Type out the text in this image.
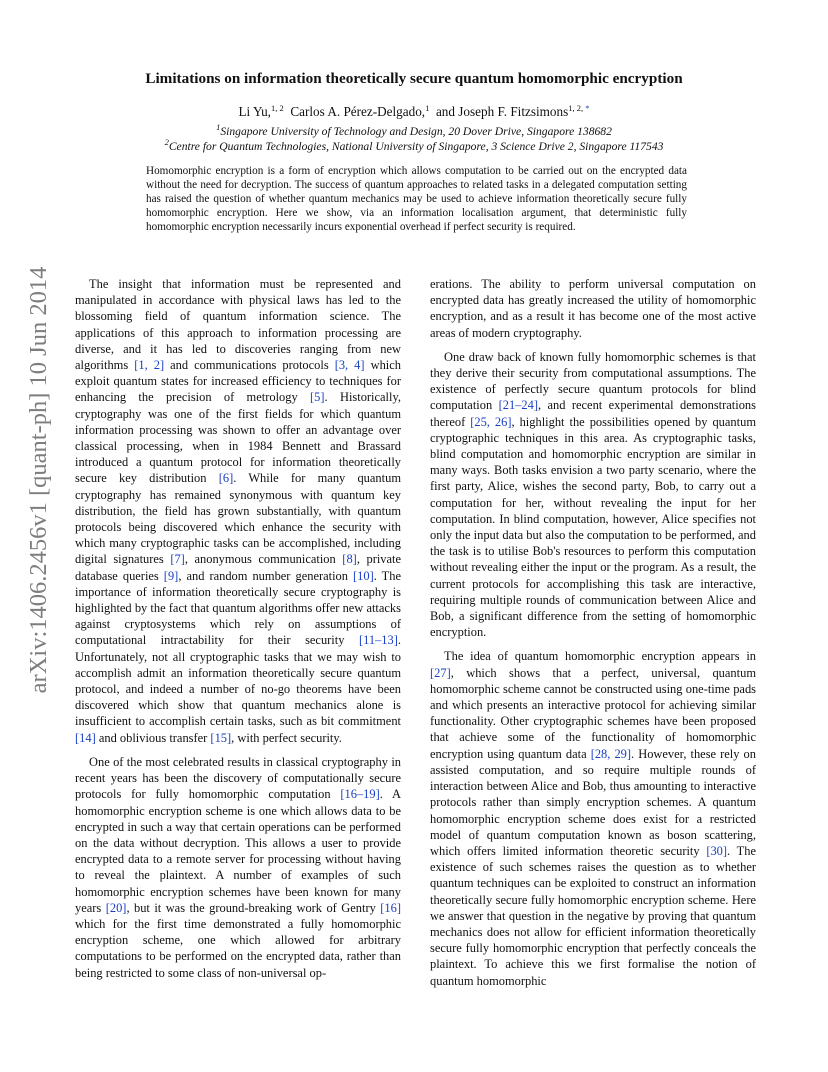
Limitations on information theoretically secure quantum homomorphic encryption
Li Yu,$^{1, 2}$ Carlos A. Pérez-Delgado,$^1$ and Joseph F. Fitzsimons$^{1, 2, *}$
$^1$Singapore University of Technology and Design, 20 Dover Drive, Singapore 138682
$^2$Centre for Quantum Technologies, National University of Singapore, 3 Science Drive 2, Singapore 117543
Homomorphic encryption is a form of encryption which allows computation to be carried out on the encrypted data without the need for decryption. The success of quantum approaches to related tasks in a delegated computation setting has raised the question of whether quantum mechanics may be used to achieve information theoretically secure fully homomorphic encryption. Here we show, via an information localisation argument, that deterministic fully homomorphic encryption necessarily incurs exponential overhead if perfect security is required.
arXiv:1406.2456v1 [quant-ph] 10 Jun 2014	The insight that information must be represented and manipulated in accordance with physical laws has led to the blossoming field of quantum information science. The applications of this approach to information processing are diverse, and it has led to discoveries ranging from new algorithms [1, 2] and communications protocols [3, 4] which exploit quantum states for increased efficiency to techniques for enhancing the precision of metrology [5]. Historically, cryptography was one of the first fields for which quantum information processing was shown to offer an advantage over classical processing, when in 1984 Bennett and Brassard introduced a quantum protocol for information theoretically secure key distribution [6]. While for many quantum cryptography has remained synonymous with quantum key distribution, the field has grown substantially, with quantum protocols being discovered which enhance the security with which many cryptographic tasks can be accomplished, including digital signatures [7], anonymous communication [8], private database queries [9], and random number generation [10]. The importance of information theoretically secure cryptography is highlighted by the fact that quantum algorithms offer new attacks against cryptosystems which rely on assumptions of computational intractability for their security [11–13]. Unfortunately, not all cryptographic tasks that we may wish to accomplish admit an information theoretically secure quantum protocol, and indeed a number of no-go theorems have been discovered which show that quantum mechanics alone is insufficient to accomplish certain tasks, such as bit commitment [14] and oblivious transfer [15], with perfect security.

One of the most celebrated results in classical cryptography in recent years has been the discovery of computationally secure protocols for fully homomorphic computation [16–19]. A homomorphic encryption scheme is one which allows data to be encrypted in such a way that certain operations can be performed on the data without decryption. This allows a user to provide encrypted data to a remote server for processing without having to reveal the plaintext. A number of examples of such homomorphic encryption schemes have been known for many years [20], but it was the ground-breaking work of Gentry [16] which for the first time demonstrated a fully homomorphic encryption scheme, one which allowed for arbitrary computations to be performed on the encrypted data, rather than being restricted to some class of non-universal op-

erations. The ability to perform universal computation on encrypted data has greatly increased the utility of homomorphic encryption, and as a result it has become one of the most active areas of modern cryptography.

One draw back of known fully homomorphic schemes is that they derive their security from computational assumptions. The existence of perfectly secure quantum protocols for blind computation [21–24], and recent experimental demonstrations thereof [25, 26], highlight the possibilities opened by quantum cryptographic techniques in this area. As cryptographic tasks, blind computation and homomorphic encryption are similar in many ways. Both tasks envision a two party scenario, where the first party, Alice, wishes the second party, Bob, to carry out a computation for her, without revealing the input for her computation. In blind computation, however, Alice specifies not only the input data but also the computation to be performed, and the task is to utilise Bob's resources to perform this computation without revealing either the input or the program. As a result, the current protocols for accomplishing this task are interactive, requiring multiple rounds of communication between Alice and Bob, a significant difference from the setting of homomorphic encryption.

The idea of quantum homomorphic encryption appears in [27], which shows that a perfect, universal, quantum homomorphic scheme cannot be constructed using one-time pads and which presents an interactive protocol for achieving similar functionality. Other cryptographic schemes have been proposed that achieve some of the functionality of homomorphic encryption using quantum data [28, 29]. However, these rely on assisted computation, and so require multiple rounds of interaction between Alice and Bob, thus amounting to interactive protocols rather than simply encryption schemes. A quantum homomorphic encryption scheme does exist for a restricted model of quantum computation known as boson scattering, which offers limited information theoretic security [30]. The existence of such schemes raises the question as to whether quantum techniques can be exploited to construct an information theoretically secure fully homomorphic encryption scheme. Here we answer that question in the negative by proving that quantum mechanics does not allow for efficient information theoretically secure fully homomorphic encryption that perfectly conceals the plaintext. To achieve this we first formalise the notion of quantum homomorphic
